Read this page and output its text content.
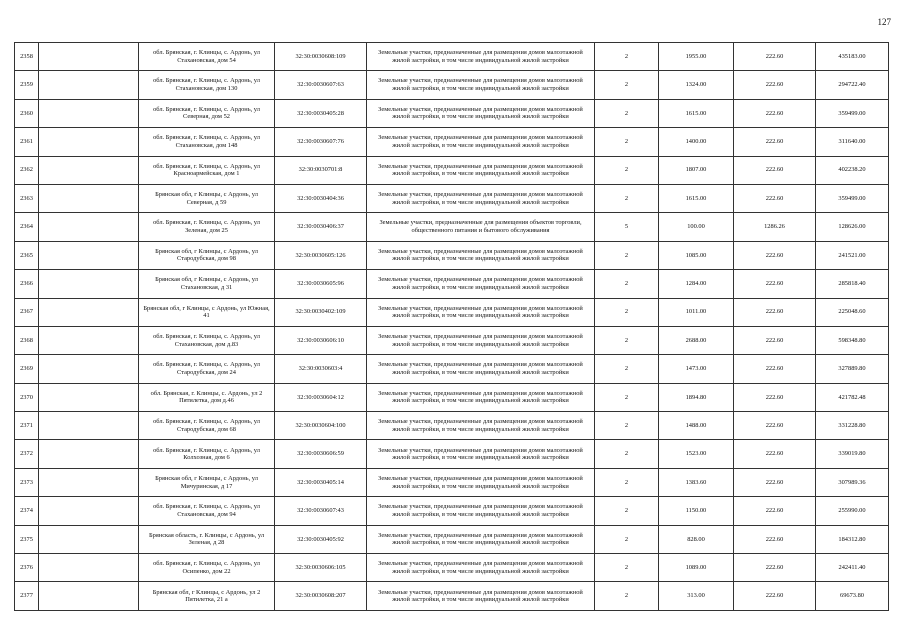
127
2358		обл. Брянская, г. Клинцы, с. Ардонь, ул Стахановская, дом 54	32:30:0030608:109	Земельные участки, предназначенные для размещения домов малоэтажной жилой застройки, в том числе индивидуальной жилой застройки	2	1955.00	222.60	435183.00
2359		обл. Брянская, г. Клинцы, с. Ардонь, ул Стахановская, дом 130	32:30:0030607:63	Земельные участки, предназначенные для размещения домов малоэтажной жилой застройки, в том числе индивидуальной жилой застройки	2	1324.00	222.60	294722.40
2360		обл. Брянская, г. Клинцы, с. Ардонь, ул Северная, дом 52	32:30:0030405:28	Земельные участки, предназначенные для размещения домов малоэтажной жилой застройки, в том числе индивидуальной жилой застройки	2	1615.00	222.60	359499.00
2361		обл. Брянская, г. Клинцы, с. Ардонь, ул Стахановская, дом 148	32:30:0030607:76	Земельные участки, предназначенные для размещения домов малоэтажной жилой застройки, в том числе индивидуальной жилой застройки	2	1400.00	222.60	311640.00
2362		обл. Брянская, г. Клинцы, с. Ардонь, ул Красноармейская, дом 1	32:30:0030701:8	Земельные участки, предназначенные для размещения домов малоэтажной жилой застройки, в том числе индивидуальной жилой застройки	2	1807.00	222.60	402238.20
2363		Брянская обл, г Клинцы, с Ардонь, ул Северная, д 59	32:30:0030404:36	Земельные участки, предназначенные для размещения домов малоэтажной жилой застройки, в том числе индивидуальной жилой застройки	2	1615.00	222.60	359499.00
2364		обл. Брянская, г. Клинцы, с. Ардонь, ул Зеленая, дом 25	32:30:0030406:37	Земельные участки, предназначенные для размещения объектов торговли, общественного питания и бытового обслуживания	5	100.00	1286.26	128626.00
2365		Брянская обл, г Клинцы, с Ардонь, ул Стародубская, дом 98	32:30:0030605:126	Земельные участки, предназначенные для размещения домов малоэтажной жилой застройки, в том числе индивидуальной жилой застройки	2	1085.00	222.60	241521.00
2366		Брянская обл, г Клинцы, с Ардонь, ул Стахановская, д 31	32:30:0030605:96	Земельные участки, предназначенные для размещения домов малоэтажной жилой застройки, в том числе индивидуальной жилой застройки	2	1284.00	222.60	285818.40
2367		Брянская обл, г Клинцы, с Ардонь, ул Южная, 41	32:30:0030402:109	Земельные участки, предназначенные для размещения домов малоэтажной жилой застройки, в том числе индивидуальной жилой застройки	2	1011.00	222.60	225048.60
2368		обл. Брянская, г. Клинцы, с. Ардонь, ул Стахановская, дом д.83	32:30:0030606:10	Земельные участки, предназначенные для размещения домов малоэтажной жилой застройки, в том числе индивидуальной жилой застройки	2	2688.00	222.60	598348.80
2369		обл. Брянская, г. Клинцы, с. Ардонь, ул Стародубская, дом 24	32:30:0030603:4	Земельные участки, предназначенные для размещения домов малоэтажной жилой застройки, в том числе индивидуальной жилой застройки	2	1473.00	222.60	327889.80
2370		обл. Брянская, г. Клинцы, с. Ардонь, ул 2 Пятилетка, дом д.46	32:30:0030604:12	Земельные участки, предназначенные для размещения домов малоэтажной жилой застройки, в том числе индивидуальной жилой застройки	2	1894.80	222.60	421782.48
2371		обл. Брянская, г. Клинцы, с. Ардонь, ул Стародубская, дом 68	32:30:0030604:100	Земельные участки, предназначенные для размещения домов малоэтажной жилой застройки, в том числе индивидуальной жилой застройки	2	1488.00	222.60	331228.80
2372		обл. Брянская, г. Клинцы, с. Ардонь, ул Колхозная, дом 6	32:30:0030606:59	Земельные участки, предназначенные для размещения домов малоэтажной жилой застройки, в том числе индивидуальной жилой застройки	2	1523.00	222.60	339019.80
2373		Брянская обл, г Клинцы, с Ардонь, ул Мичуринская, д 17	32:30:0030405:14	Земельные участки, предназначенные для размещения домов малоэтажной жилой застройки, в том числе индивидуальной жилой застройки	2	1383.60	222.60	307989.36
2374		обл. Брянская, г. Клинцы, с. Ардонь, ул Стахановская, дом 94	32:30:0030607:43	Земельные участки, предназначенные для размещения домов малоэтажной жилой застройки, в том числе индивидуальной жилой застройки	2	1150.00	222.60	255990.00
2375		Брянская область, г. Клинцы, с Ардонь, ул Зеленая, д 28	32:30:0030405:92	Земельные участки, предназначенные для размещения домов малоэтажной жилой застройки, в том числе индивидуальной жилой застройки	2	828.00	222.60	184312.80
2376		обл. Брянская, г. Клинцы, с. Ардонь, ул Осипенко, дом 22	32:30:0030606:105	Земельные участки, предназначенные для размещения домов малоэтажной жилой застройки, в том числе индивидуальной жилой застройки	2	1089.00	222.60	242411.40
2377		Брянская обл, г Клинцы, с Ардонь, ул 2 Пятилетка, 21 а	32:30:0030608:207	Земельные участки, предназначенные для размещения домов малоэтажной жилой застройки, в том числе индивидуальной жилой застройки	2	313.00	222.60	69673.80
